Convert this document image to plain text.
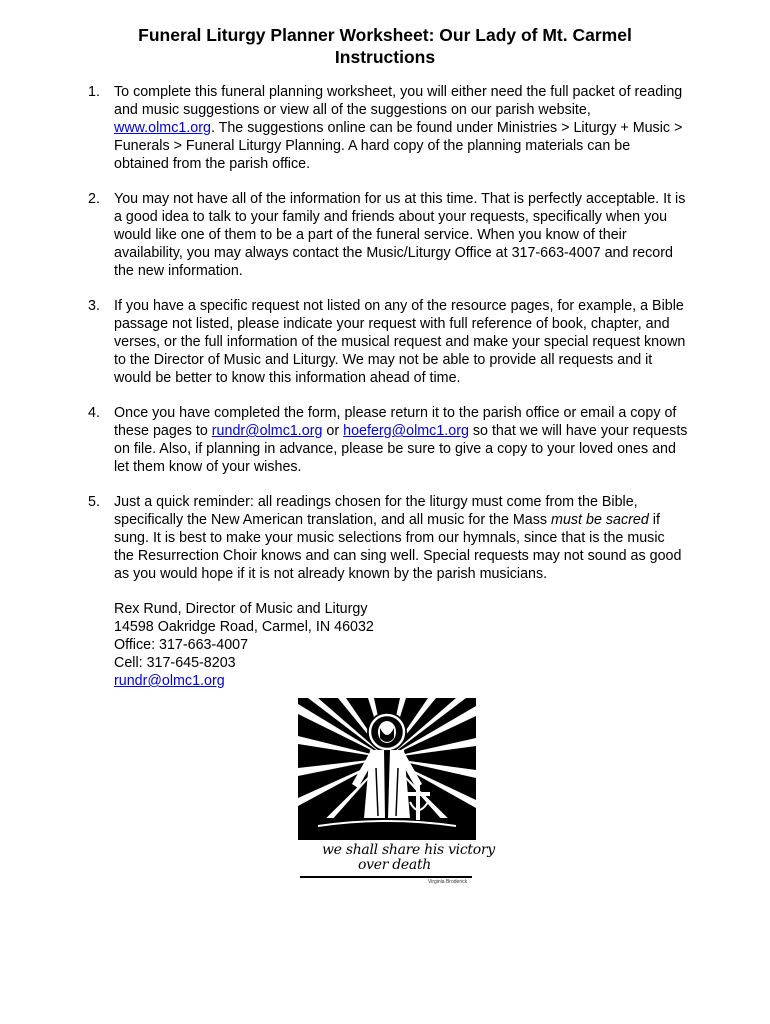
Funeral Liturgy Planner Worksheet: Our Lady of Mt. Carmel
Instructions
1. To complete this funeral planning worksheet, you will either need the full packet of reading and music suggestions or view all of the suggestions on our parish website, www.olmc1.org. The suggestions online can be found under Ministries > Liturgy + Music > Funerals > Funeral Liturgy Planning. A hard copy of the planning materials can be obtained from the parish office.
2. You may not have all of the information for us at this time. That is perfectly acceptable. It is a good idea to talk to your family and friends about your requests, specifically when you would like one of them to be a part of the funeral service. When you know of their availability, you may always contact the Music/Liturgy Office at 317-663-4007 and record the new information.
3. If you have a specific request not listed on any of the resource pages, for example, a Bible passage not listed, please indicate your request with full reference of book, chapter, and verses, or the full information of the musical request and make your special request known to the Director of Music and Liturgy. We may not be able to provide all requests and it would be better to know this information ahead of time.
4. Once you have completed the form, please return it to the parish office or email a copy of these pages to rundr@olmc1.org or hoeferg@olmc1.org so that we will have your requests on file. Also, if planning in advance, please be sure to give a copy to your loved ones and let them know of your wishes.
5. Just a quick reminder: all readings chosen for the liturgy must come from the Bible, specifically the New American translation, and all music for the Mass must be sacred if sung. It is best to make your music selections from our hymnals, since that is the music the Resurrection Choir knows and can sing well. Special requests may not sound as good as you would hope if it is not already known by the parish musicians.
Rex Rund, Director of Music and Liturgy
14598 Oakridge Road, Carmel, IN 46032
Office: 317-663-4007
Cell: 317-645-8203
rundr@olmc1.org
we shall share his victory
over death
Virginia Broderick
